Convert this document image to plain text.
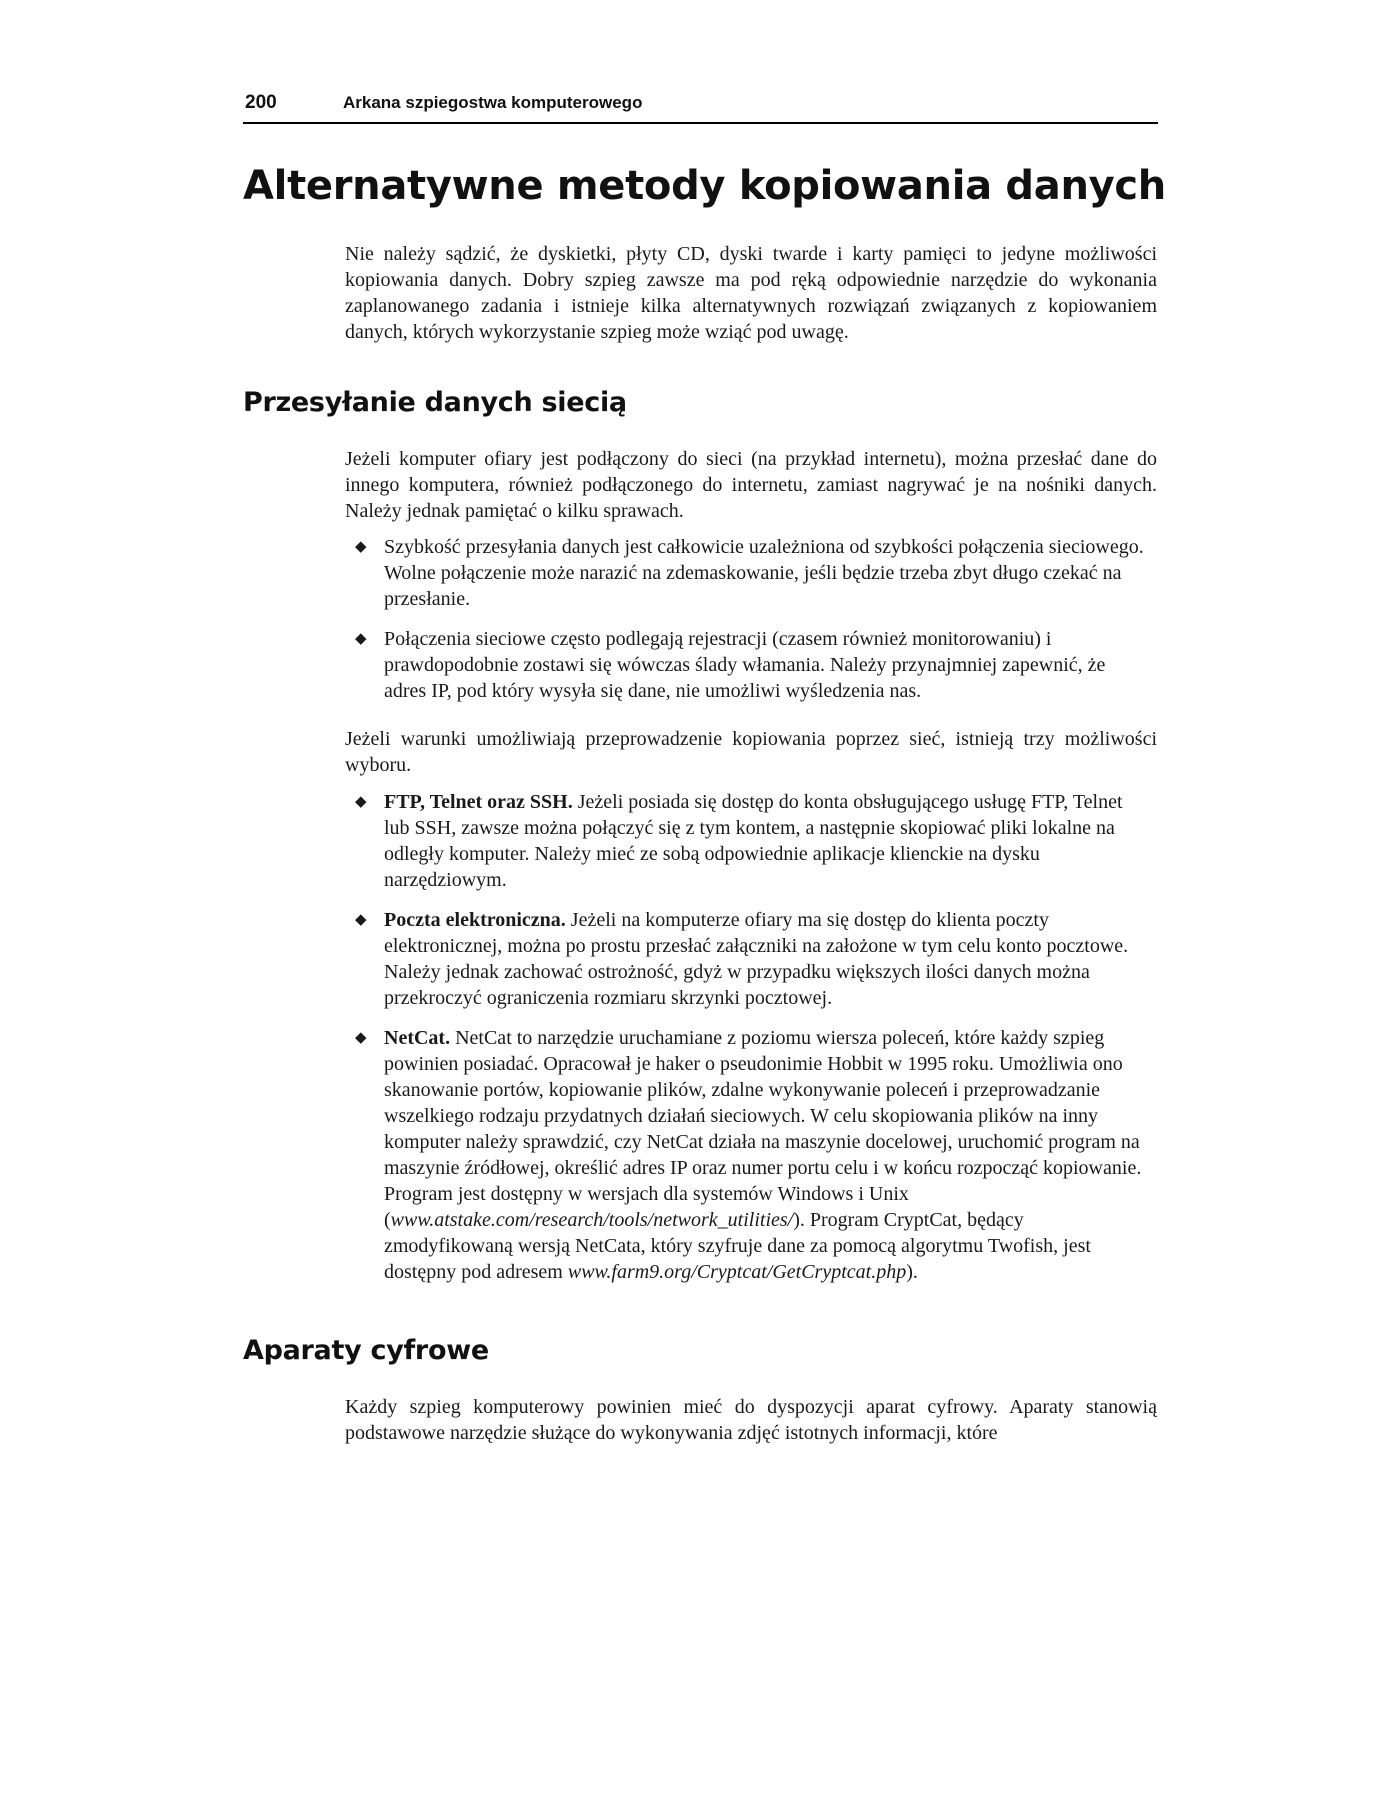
200	Arkana szpiegostwa komputerowego
Alternatywne metody kopiowania danych

Nie należy sądzić, że dyskietki, płyty CD, dyski twarde i karty pamięci to jedyne możliwości kopiowania danych. Dobry szpieg zawsze ma pod ręką odpowiednie narzędzie do wykonania zaplanowanego zadania i istnieje kilka alternatywnych rozwiązań związanych z kopiowaniem danych, których wykorzystanie szpieg może wziąć pod uwagę.

Przesyłanie danych siecią

Jeżeli komputer ofiary jest podłączony do sieci (na przykład internetu), można przesłać dane do innego komputera, również podłączonego do internetu, zamiast nagrywać je na nośniki danych. Należy jednak pamiętać o kilku sprawach.

◆ Szybkość przesyłania danych jest całkowicie uzależniona od szybkości połączenia sieciowego. Wolne połączenie może narazić na zdemaskowanie, jeśli będzie trzeba zbyt długo czekać na przesłanie.
◆ Połączenia sieciowe często podlegają rejestracji (czasem również monitorowaniu) i prawdopodobnie zostawi się wówczas ślady włamania. Należy przynajmniej zapewnić, że adres IP, pod który wysyła się dane, nie umożliwi wyśledzenia nas.

Jeżeli warunki umożliwiają przeprowadzenie kopiowania poprzez sieć, istnieją trzy możliwości wyboru.

◆ FTP, Telnet oraz SSH. Jeżeli posiada się dostęp do konta obsługującego usługę FTP, Telnet lub SSH, zawsze można połączyć się z tym kontem, a następnie skopiować pliki lokalne na odległy komputer. Należy mieć ze sobą odpowiednie aplikacje klienckie na dysku narzędziowym.
◆ Poczta elektroniczna. Jeżeli na komputerze ofiary ma się dostęp do klienta poczty elektronicznej, można po prostu przesłać załączniki na założone w tym celu konto pocztowe. Należy jednak zachować ostrożność, gdyż w przypadku większych ilości danych można przekroczyć ograniczenia rozmiaru skrzynki pocztowej.
◆ NetCat. NetCat to narzędzie uruchamiane z poziomu wiersza poleceń, które każdy szpieg powinien posiadać. Opracował je haker o pseudonimie Hobbit w 1995 roku. Umożliwia ono skanowanie portów, kopiowanie plików, zdalne wykonywanie poleceń i przeprowadzanie wszelkiego rodzaju przydatnych działań sieciowych. W celu skopiowania plików na inny komputer należy sprawdzić, czy NetCat działa na maszynie docelowej, uruchomić program na maszynie źródłowej, określić adres IP oraz numer portu celu i w końcu rozpocząć kopiowanie. Program jest dostępny w wersjach dla systemów Windows i Unix (www.atstake.com/research/tools/network_utilities/). Program CryptCat, będący zmodyfikowaną wersją NetCata, który szyfruje dane za pomocą algorytmu Twofish, jest dostępny pod adresem www.farm9.org/Cryptcat/GetCryptcat.php).
Aparaty cyfrowe

Każdy szpieg komputerowy powinien mieć do dyspozycji aparat cyfrowy. Aparaty stanowią podstawowe narzędzie służące do wykonywania zdjęć istotnych informacji, które
